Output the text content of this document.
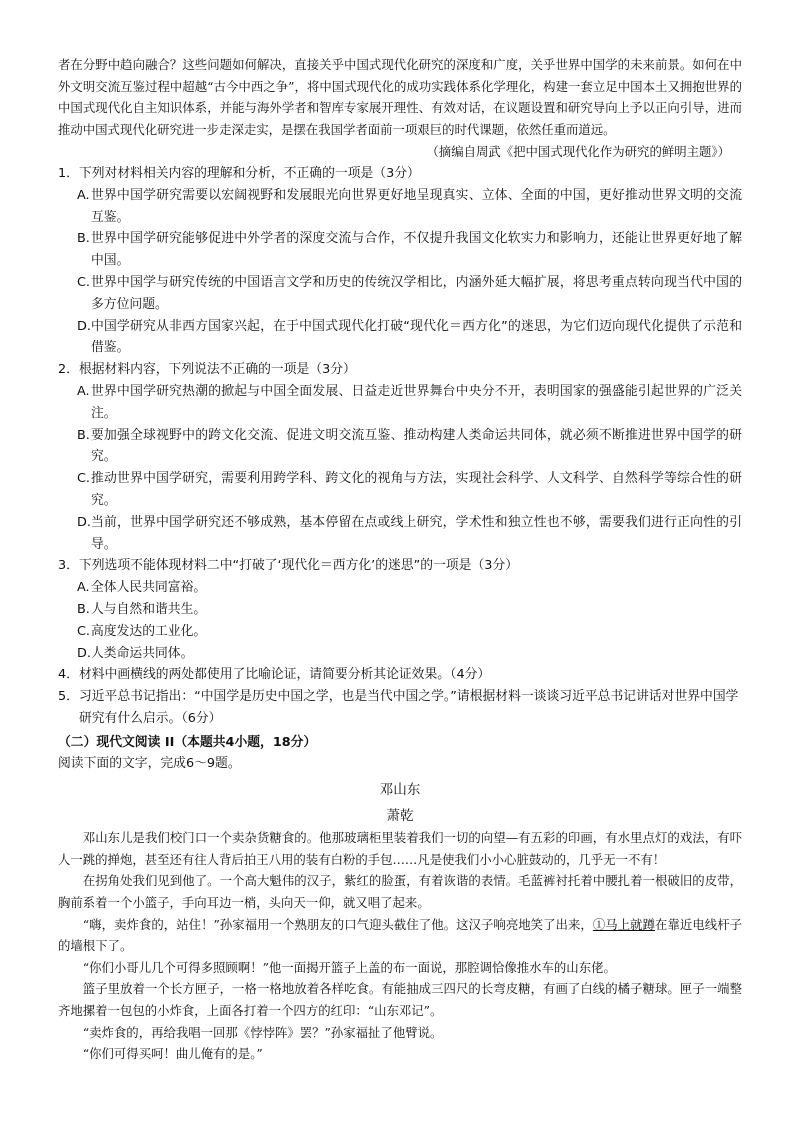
者在分野中趋向融合？这些问题如何解决，直接关乎中国式现代化研究的深度和广度，关乎世界中国学的未来前景。如何在中外文明交流互鉴过程中超越“古今中西之争”，将中国式现代化的成功实践体系化学理化，构建一套立足中国本土又拥抱世界的中国式现代化自主知识体系，并能与海外学者和智库专家展开理性、有效对话，在议题设置和研究导向上予以正向引导，进而推动中国式现代化研究进一步走深走实，是摆在我国学者面前一项艰巨的时代课题，依然任重而道远。

（摘编自周武《把中国式现代化作为研究的鲜明主题》）

1． 下列对材料相关内容的理解和分析，不正确的一项是（3分）
A. 世界中国学研究需要以宏阔视野和发展眼光向世界更好地呈现真实、立体、全面的中国，更好推动世界文明的交流互鉴。
B. 世界中国学研究能够促进中外学者的深度交流与合作，不仅提升我国文化软实力和影响力，还能让世界更好地了解中国。
C. 世界中国学与研究传统的中国语言文学和历史的传统汉学相比，内涵外延大幅扩展，将思考重点转向现当代中国的多方位问题。
D. 中国学研究从非西方国家兴起，在于中国式现代化打破“现代化＝西方化”的迷思，为它们迈向现代化提供了示范和借鉴。
2． 根据材料内容，下列说法不正确的一项是（3分）
A. 世界中国学研究热潮的掀起与中国全面发展、日益走近世界舞台中央分不开，表明国家的强盛能引起世界的广泛关注。
B. 要加强全球视野中的跨文化交流、促进文明交流互鉴、推动构建人类命运共同体，就必须不断推进世界中国学的研究。
C. 推动世界中国学研究，需要利用跨学科、跨文化的视角与方法，实现社会科学、人文科学、自然科学等综合性的研究。
D. 当前，世界中国学研究还不够成熟，基本停留在点或线上研究，学术性和独立性也不够，需要我们进行正向性的引导。
3． 下列选项不能体现材料二中“打破了‘现代化＝西方化’的迷思”的一项是（3分）
A. 全体人民共同富裕。
B. 人与自然和谐共生。
C. 高度发达的工业化。
D. 人类命运共同体。
4． 材料中画横线的两处都使用了比喻论证，请简要分析其论证效果。（4分）
5． 习近平总书记指出：“中国学是历史中国之学，也是当代中国之学。”请根据材料一谈谈习近平总书记讲话对世界中国学研究有什么启示。（6分）

（二）现代文阅读 II（本题共4小题，18分）

阅读下面的文字，完成6～9题。

邓山东

萧乾

邓山东儿是我们校门口一个卖杂货糖食的。他那玻璃柜里装着我们一切的向望—有五彩的印画，有水里点灯的戏法，有吓人一跳的掸炮，甚至还有往人背后拍王八用的装有白粉的手包……凡是使我们小小心脏鼓动的，几乎无一不有！

在拐角处我们见到他了。一个高大魁伟的汉子，紫红的脸蛋，有着诙谐的表情。毛蓝裤衬托着中腰扎着一根破旧的皮带，胸前系着一个小篮子，手向耳边一梢，头向天一仰，就又唱了起来。

“嗨，卖炸食的，站住！”孙家福用一个熟朋友的口气迎头截住了他。这汉子响亮地笑了出来，①马上就蹲在靠近电线杆子的墙根下了。

“你们小哥儿几个可得多照顾啊！”他一面揭开篮子上盖的布一面说，那腔调恰像推水车的山东佬。

篮子里放着一个长方匣子，一格一格地放着各样吃食。有能抽成三四尺的长弯皮糖，有画了白线的橘子糖球。匣子一端整齐地摞着一包包的小炸食，上面各打着一个四方的红印：“山东邓记”。

“卖炸食的，再给我唱一回那《悖悖阵》罢？”孙家福扯了他臂说。

“你们可得买呵！曲儿俺有的是。”
